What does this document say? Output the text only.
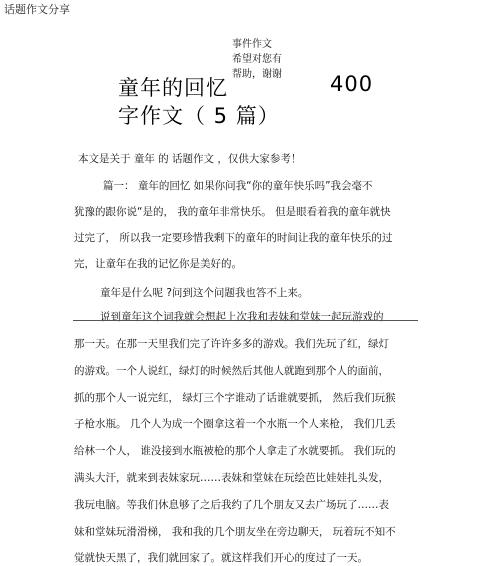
话题作文分享
事件作文
希望对您有
帮助，谢谢
童年的回忆	400
字作文（ 5 篇）
本文是关于 童年 的 话题作文 ，仅供大家参考！
篇一： 童年的回忆 如果你问我“你的童年快乐吗”我会毫不
犹豫的跟你说“是的， 我的童年非常快乐。 但是眼看着我的童年就快
过完了， 所以我一定要珍惜我剩下的童年的时间让我的童年快乐的过
完，让童年在我的记忆你是美好的。
童年是什么呢 ?问到这个问题我也答不上来。
说到童年这个词我就会想起上次我和表妹和堂妹一起玩游戏的
那一天。在那一天里我们完了许许多多的游戏。我们先玩了红，绿灯
的游戏。一个人说红，绿灯的时候然后其他人就跑到那个人的面前，
抓的那个人一说完红， 绿灯三个字谁动了话谁就要抓， 然后我们玩猴
子枪水瓶。 几个人为成一个圈拿这着一个水瓶一个人来枪， 我们几丢
给林一个人， 谁没接到水瓶被枪的那个人拿走了水就要抓。 我们玩的
满头大汗，就来到表妹家玩……表妹和堂妹在玩绘芭比娃娃扎头发，
我玩电脑。等我们休息够了之后我约了几个朋友又去广场玩了……表
妹和堂妹玩滑滑梯， 我和我的几个朋友坐在旁边聊天， 玩着玩不知不
觉就快天黑了，我们就回家了。就这样我们开心的度过了一天。
